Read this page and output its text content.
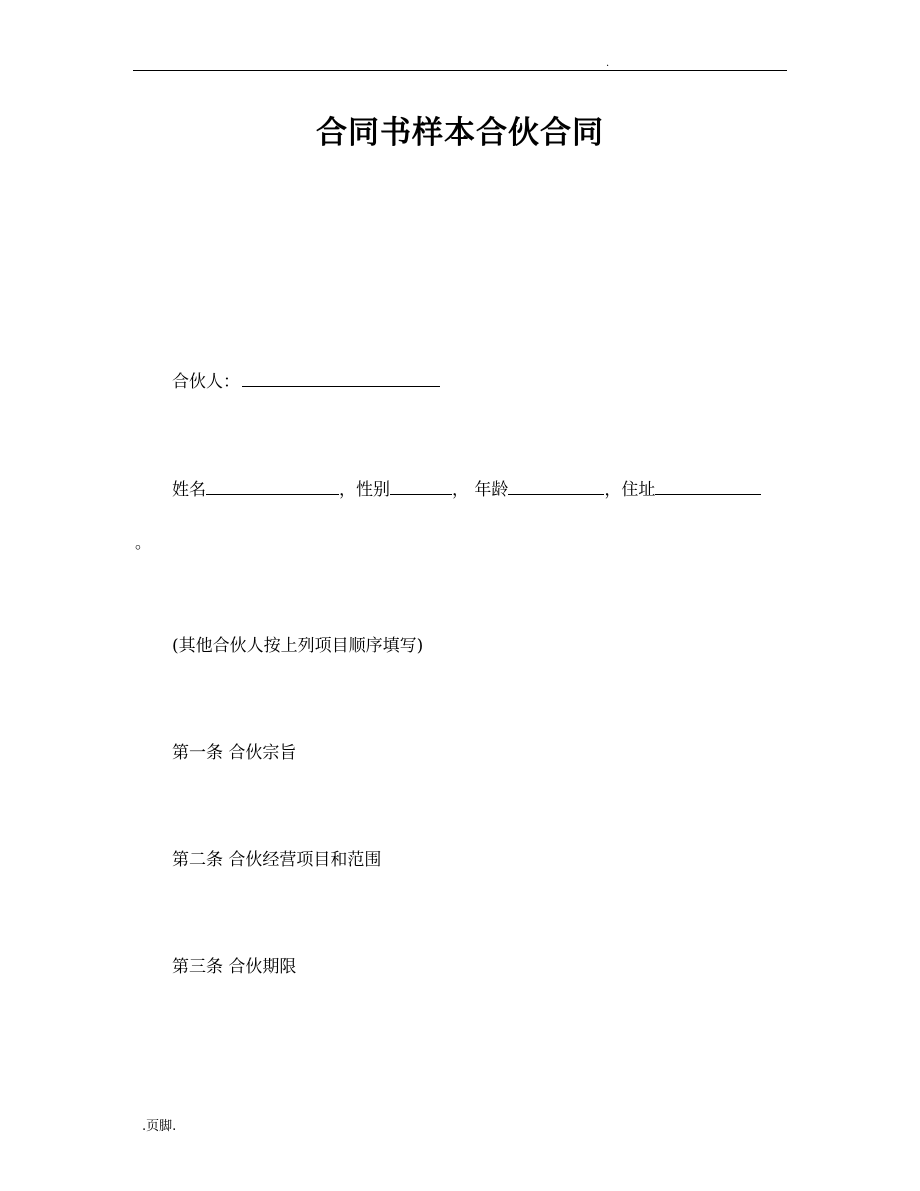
.
合同书样本合伙合同
合伙人：
姓名	，性别	， 年龄	，住址
。
(其他合伙人按上列项目顺序填写)
第一条 合伙宗旨
第二条 合伙经营项目和范围
第三条 合伙期限
.页脚.
